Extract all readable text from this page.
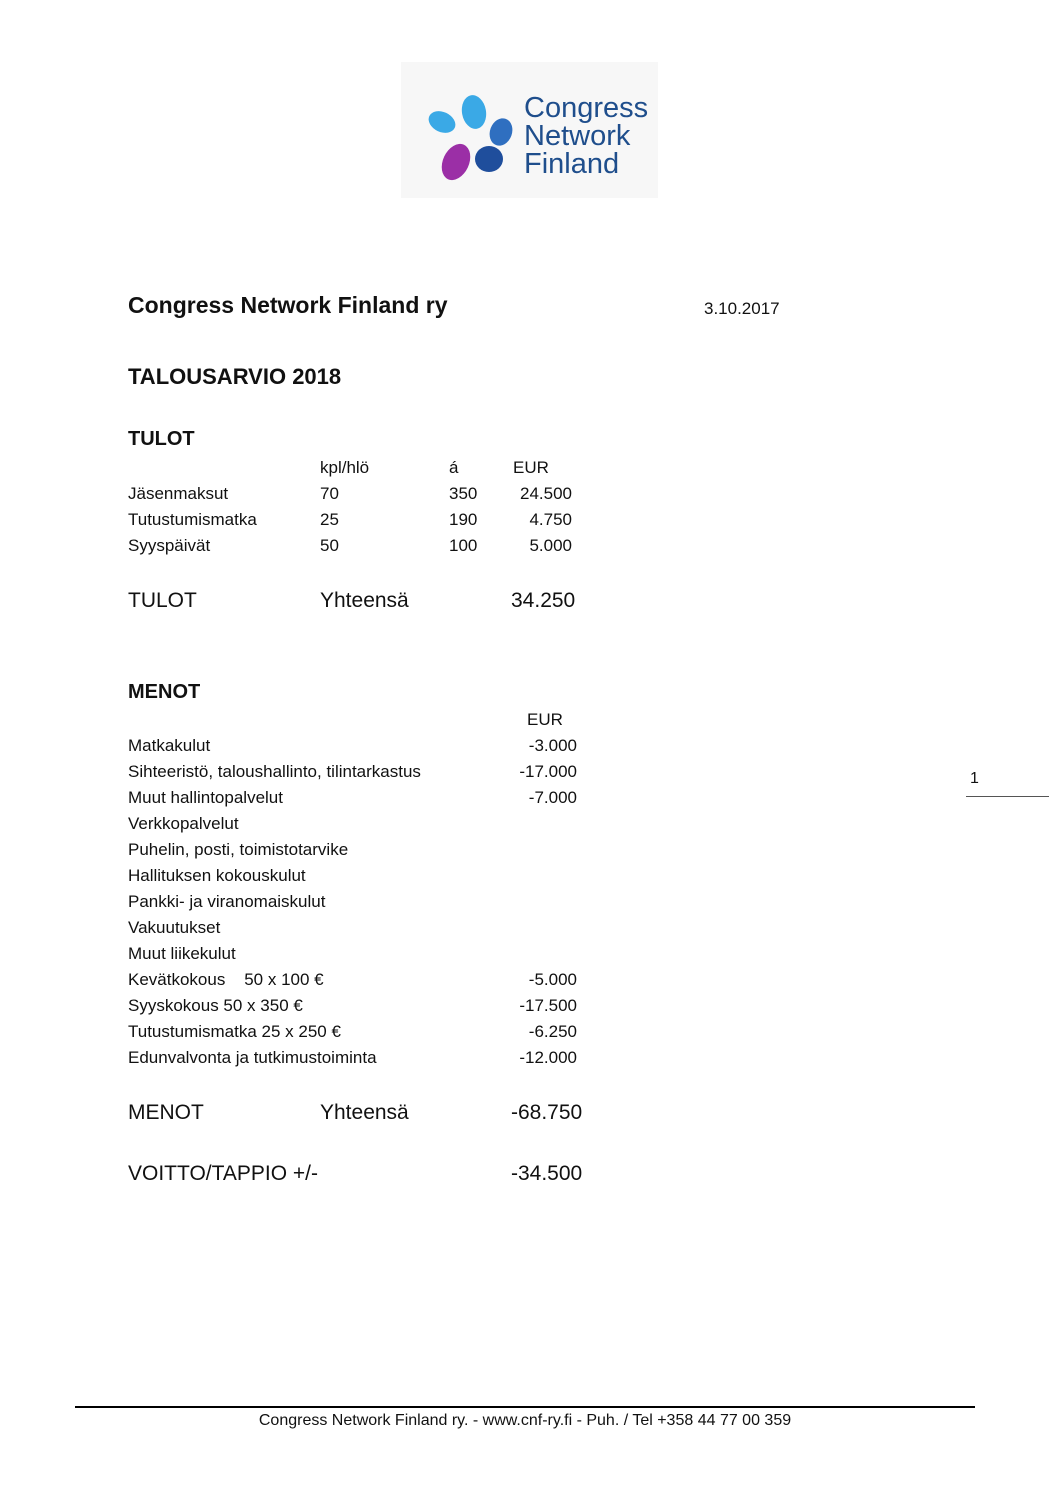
Congress
Network
Finland
Congress Network Finland ry	3.10.2017
TALOUSARVIO 2018
TULOT
kpl/hlö	á	EUR
Jäsenmaksut	70	350	24.500
Tutustumismatka	25	190	4.750
Syyspäivät	50	100	5.000
TULOT	Yhteensä	34.250
MENOT
EUR
Matkakulut	-3.000
Sihteeristö, taloushallinto, tilintarkastus	-17.000
Muut hallintopalvelut	-7.000
Verkkopalvelut
Puhelin, posti, toimistotarvike
Hallituksen kokouskulut
Pankki- ja viranomaiskulut
Vakuutukset
Muut liikekulut
Kevätkokous    50 x 100 €	-5.000
Syyskokous 50 x 350 €	-17.500
Tutustumismatka 25 x 250 €	-6.250
Edunvalvonta ja tutkimustoiminta	-12.000
MENOT	Yhteensä	-68.750
VOITTO/TAPPIO +/-	-34.500
1
Congress Network Finland ry. - www.cnf-ry.fi - Puh. / Tel +358 44 77 00 359
